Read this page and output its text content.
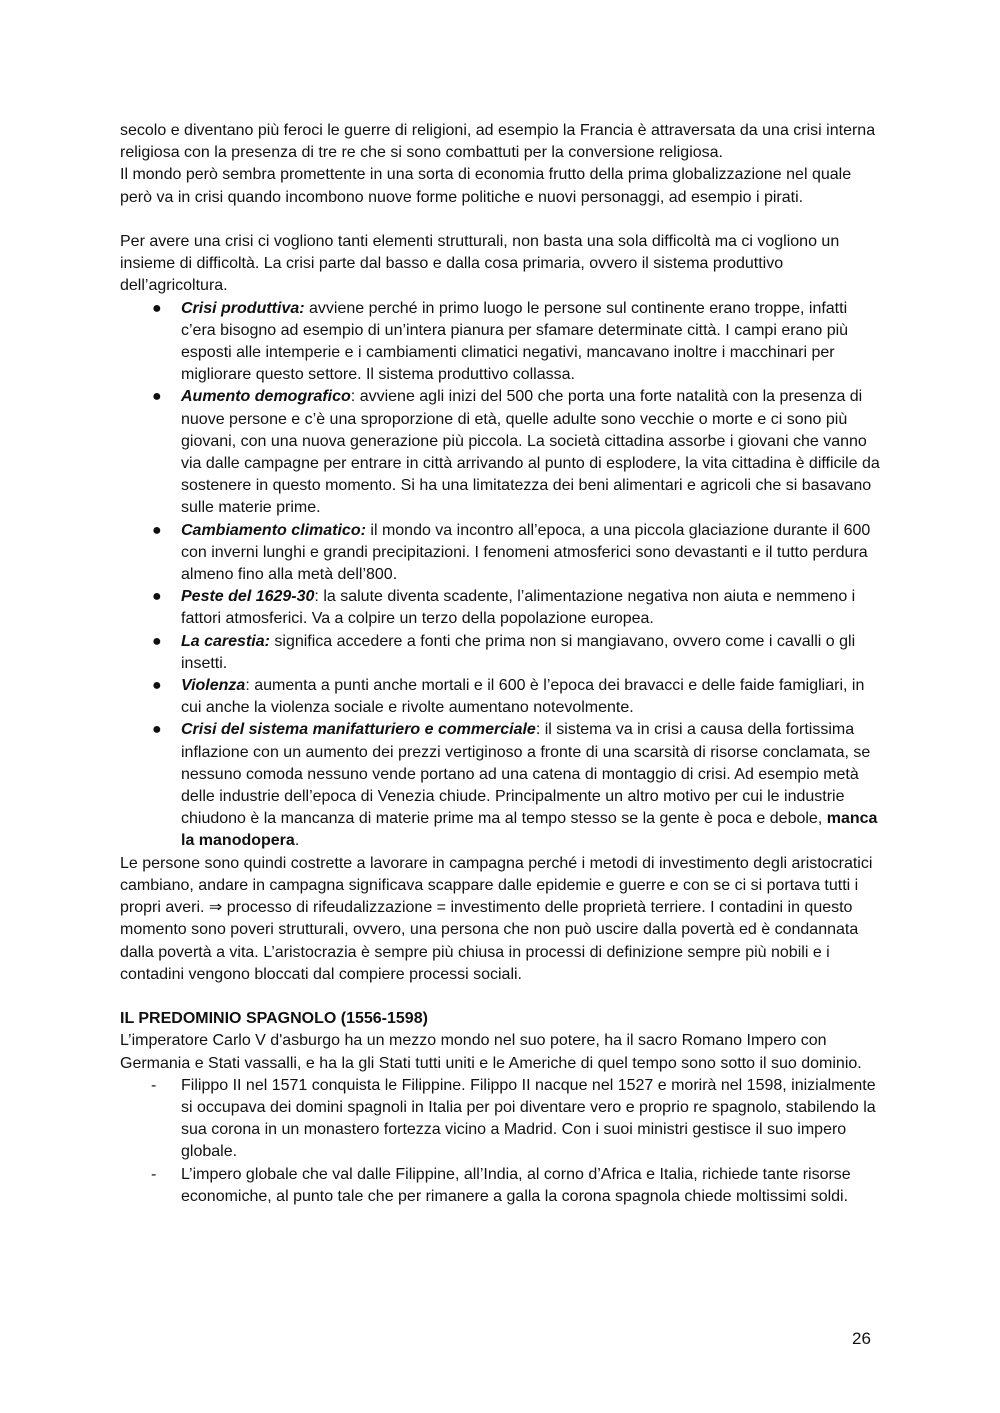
secolo e diventano più feroci le guerre di religioni, ad esempio la Francia è attraversata da una crisi interna religiosa con la presenza di tre re che si sono combattuti per la conversione religiosa.

Il mondo però sembra promettente in una sorta di economia frutto della prima globalizzazione nel quale però va in crisi quando incombono nuove forme politiche e nuovi personaggi, ad esempio i pirati.

Per avere una crisi ci vogliono tanti elementi strutturali, non basta una sola difficoltà ma ci vogliono un insieme di difficoltà. La crisi parte dal basso e dalla cosa primaria, ovvero il sistema produttivo dell’agricoltura.

● Crisi produttiva: avviene perché in primo luogo le persone sul continente erano troppe, infatti c’era bisogno ad esempio di un’intera pianura per sfamare determinate città. I campi erano più esposti alle intemperie e i cambiamenti climatici negativi, mancavano inoltre i macchinari per migliorare questo settore. Il sistema produttivo collassa.
● Aumento demografico: avviene agli inizi del 500 che porta una forte natalità con la presenza di nuove persone e c’è una sproporzione di età, quelle adulte sono vecchie o morte e ci sono più giovani, con una nuova generazione più piccola. La società cittadina assorbe i giovani che vanno via dalle campagne per entrare in città arrivando al punto di esplodere, la vita cittadina è difficile da sostenere in questo momento. Si ha una limitatezza dei beni alimentari e agricoli che si basavano sulle materie prime.
● Cambiamento climatico: il mondo va incontro all’epoca, a una piccola glaciazione durante il 600 con inverni lunghi e grandi precipitazioni. I fenomeni atmosferici sono devastanti e il tutto perdura almeno fino alla metà dell’800.
● Peste del 1629-30: la salute diventa scadente, l’alimentazione negativa non aiuta e nemmeno i fattori atmosferici. Va a colpire un terzo della popolazione europea.
● La carestia: significa accedere a fonti che prima non si mangiavano, ovvero come i cavalli o gli insetti.
● Violenza: aumenta a punti anche mortali e il 600 è l’epoca dei bravacci e delle faide famigliari, in cui anche la violenza sociale e rivolte aumentano notevolmente.
● Crisi del sistema manifatturiero e commerciale: il sistema va in crisi a causa della fortissima inflazione con un aumento dei prezzi vertiginoso a fronte di una scarsità di risorse conclamata, se nessuno comoda nessuno vende portano ad una catena di montaggio di crisi. Ad esempio metà delle industrie dell’epoca di Venezia chiude. Principalmente un altro motivo per cui le industrie chiudono è la mancanza di materie prime ma al tempo stesso se la gente è poca e debole, manca la manodopera.

Le persone sono quindi costrette a lavorare in campagna perché i metodi di investimento degli aristocratici cambiano, andare in campagna significava scappare dalle epidemie e guerre e con se ci si portava tutti i propri averi. ⇒ processo di rifeudalizzazione = investimento delle proprietà terriere. I contadini in questo momento sono poveri strutturali, ovvero, una persona che non può uscire dalla povertà ed è condannata dalla povertà a vita. L’aristocrazia è sempre più chiusa in processi di definizione sempre più nobili e i contadini vengono bloccati dal compiere processi sociali.

IL PREDOMINIO SPAGNOLO (1556-1598)

L’imperatore Carlo V d'asburgo ha un mezzo mondo nel suo potere, ha il sacro Romano Impero con Germania e Stati vassalli, e ha la gli Stati tutti uniti e le Americhe di quel tempo sono sotto il suo dominio.

- Filippo II nel 1571 conquista le Filippine. Filippo II nacque nel 1527 e morirà nel 1598, inizialmente si occupava dei domini spagnoli in Italia per poi diventare vero e proprio re spagnolo, stabilendo la sua corona in un monastero fortezza vicino a Madrid. Con i suoi ministri gestisce il suo impero globale.
- L’impero globale che val dalle Filippine, all’India, al corno d’Africa e Italia, richiede tante risorse economiche, al punto tale che per rimanere a galla la corona spagnola chiede moltissimi soldi.
26
